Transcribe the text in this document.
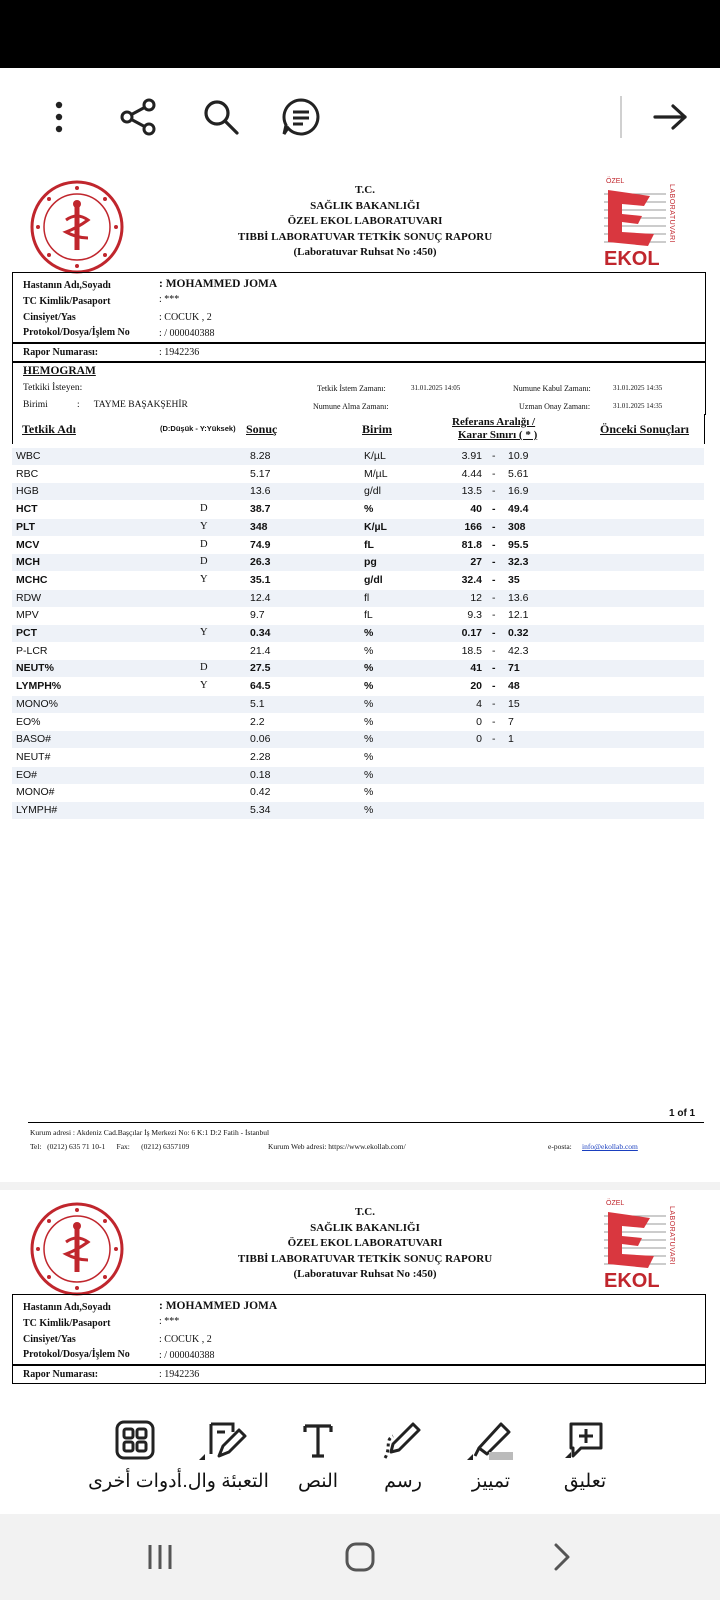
T.C.
SAĞLIK BAKANLIĞI
ÖZEL EKOL LABORATUVARI
TIBBİ LABORATUVAR TETKİK SONUÇ RAPORU
(Laboratuvar Ruhsat No :450)
ÖZEL
LABORATUVARI
EKOL
Hastanın Adı,Soyadı	: MOHAMMED JOMA
TC Kimlik/Pasaport	: ***
Cinsiyet/Yas	: COCUK , 2
Protokol/Dosya/İşlem No	: / 000040388
Rapor Numarası:	: 1942236
HEMOGRAM
Tetkiki İsteyen:
Birimi	:      TAYME BAŞAKŞEHİR
Tetkik İstem Zamanı:	31.01.2025 14:05	Numune Kabul Zamanı:	31.01.2025 14:35
Numune Alma Zamanı:	Uzman Onay Zamanı:	31.01.2025 14:35
Tetkik Adı	(D:Düşük - Y:Yüksek) Sonuç	Birim	Referans Aralığı /
Karar Sınırı ( * )	Önceki Sonuçları
WBC	8.28	K/µL	3.91 - 10.9
RBC	5.17	M/µL	4.44 - 5.61
HGB	13.6	g/dl	13.5 - 16.9
HCT	D	38.7	%	40 - 49.4
PLT	Y	348	K/µL	166 - 308
MCV	D	74.9	fL	81.8 - 95.5
MCH	D	26.3	pg	27 - 32.3
MCHC	Y	35.1	g/dl	32.4 - 35
RDW	12.4	fl	12 - 13.6
MPV	9.7	fL	9.3 - 12.1
PCT	Y	0.34	%	0.17 - 0.32
P-LCR	21.4	%	18.5 - 42.3
NEUT%	D	27.5	%	41 - 71
LYMPH%	Y	64.5	%	20 - 48
MONO%	5.1	%	4 - 15
EO%	2.2	%	0 - 7
BASO#	0.06	%	0 - 1
NEUT#	2.28	%
EO#	0.18	%
MONO#	0.42	%
LYMPH#	5.34	%
1 of 1
Kurum adresi : Akdeniz Cad.Başçılar İş Merkezi No: 6 K:1 D:2 Fatih - İstanbul
Tel:   (0212) 635 71 10-1      Fax:      (0212) 6357109	Kurum Web adresi: https://www.ekollab.com/	e-posta: info@ekollab.com
T.C.
SAĞLIK BAKANLIĞI
ÖZEL EKOL LABORATUVARI
TIBBİ LABORATUVAR TETKİK SONUÇ RAPORU
(Laboratuvar Ruhsat No :450)
ÖZEL
LABORATUVARI
EKOL
Hastanın Adı,Soyadı	: MOHAMMED JOMA
TC Kimlik/Pasaport	: ***
Cinsiyet/Yas	: COCUK , 2
Protokol/Dosya/İşlem No	: / 000040388
Rapor Numarası:	: 1942236
تعليق
تمييز
رسم
النص
التعبئة وال..
أدوات أخرى
